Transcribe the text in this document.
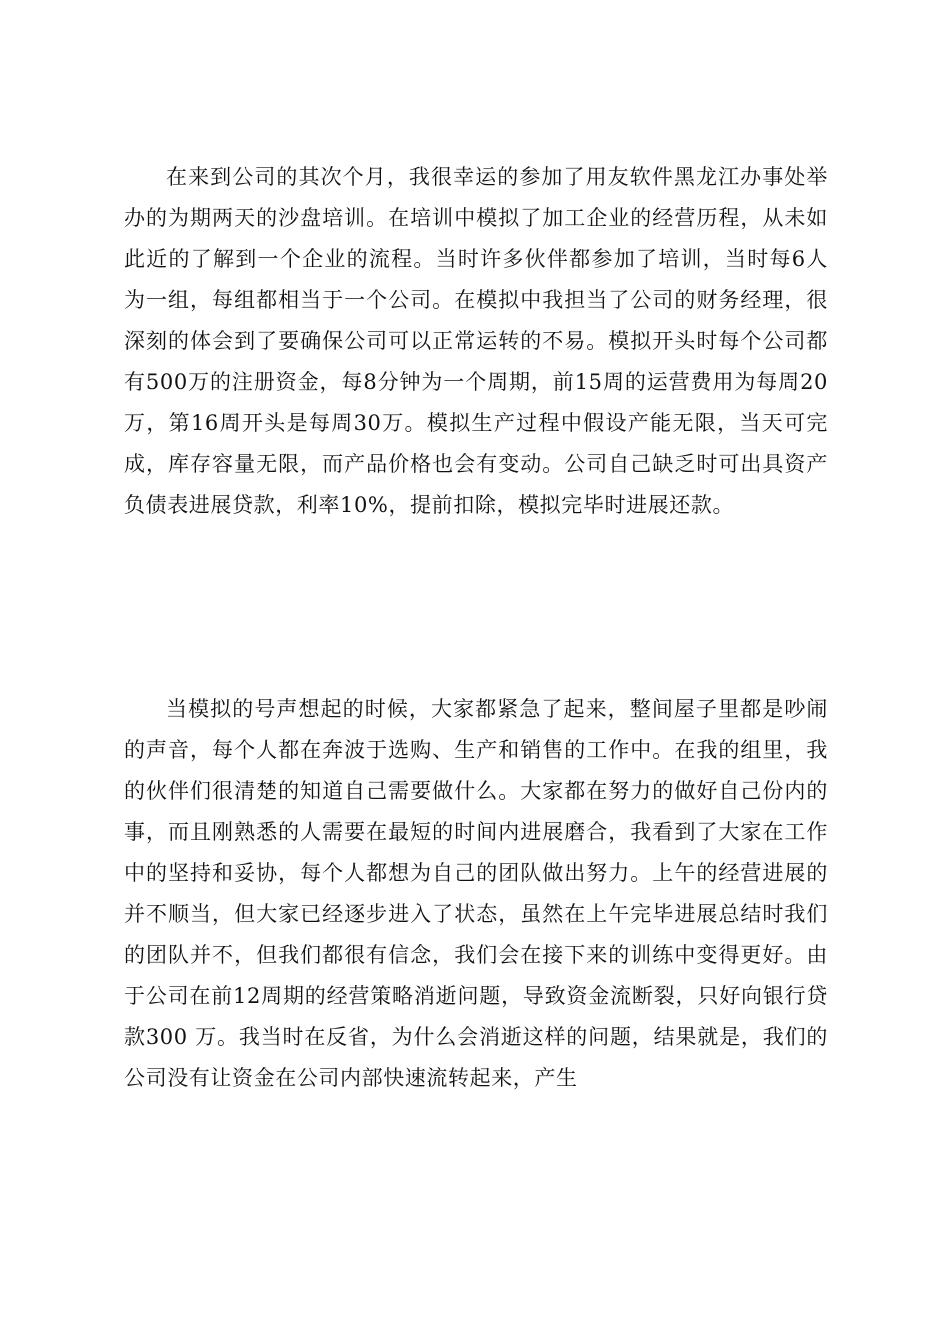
在来到公司的其次个月，我很幸运的参加了用友软件黑龙江办事处举办的为期两天的沙盘培训。在培训中模拟了加工企业的经营历程，从未如此近的了解到一个企业的流程。当时许多伙伴都参加了培训，当时每6人为一组，每组都相当于一个公司。在模拟中我担当了公司的财务经理，很深刻的体会到了要确保公司可以正常运转的不易。模拟开头时每个公司都有500万的注册资金，每8分钟为一个周期，前15周的运营费用为每周20万，第16周开头是每周30万。模拟生产过程中假设产能无限，当天可完成，库存容量无限，而产品价格也会有变动。公司自己缺乏时可出具资产负债表进展贷款，利率10%，提前扣除，模拟完毕时进展还款。

当模拟的号声想起的时候，大家都紧急了起来，整间屋子里都是吵闹的声音，每个人都在奔波于选购、生产和销售的工作中。在我的组里，我的伙伴们很清楚的知道自己需要做什么。大家都在努力的做好自己份内的事，而且刚熟悉的人需要在最短的时间内进展磨合，我看到了大家在工作中的坚持和妥协，每个人都想为自己的团队做出努力。上午的经营进展的并不顺当，但大家已经逐步进入了状态，虽然在上午完毕进展总结时我们的团队并不，但我们都很有信念，我们会在接下来的训练中变得更好。由于公司在前12周期的经营策略消逝问题，导致资金流断裂，只好向银行贷款300 万。我当时在反省，为什么会消逝这样的问题，结果就是，我们的公司没有让资金在公司内部快速流转起来，产生
